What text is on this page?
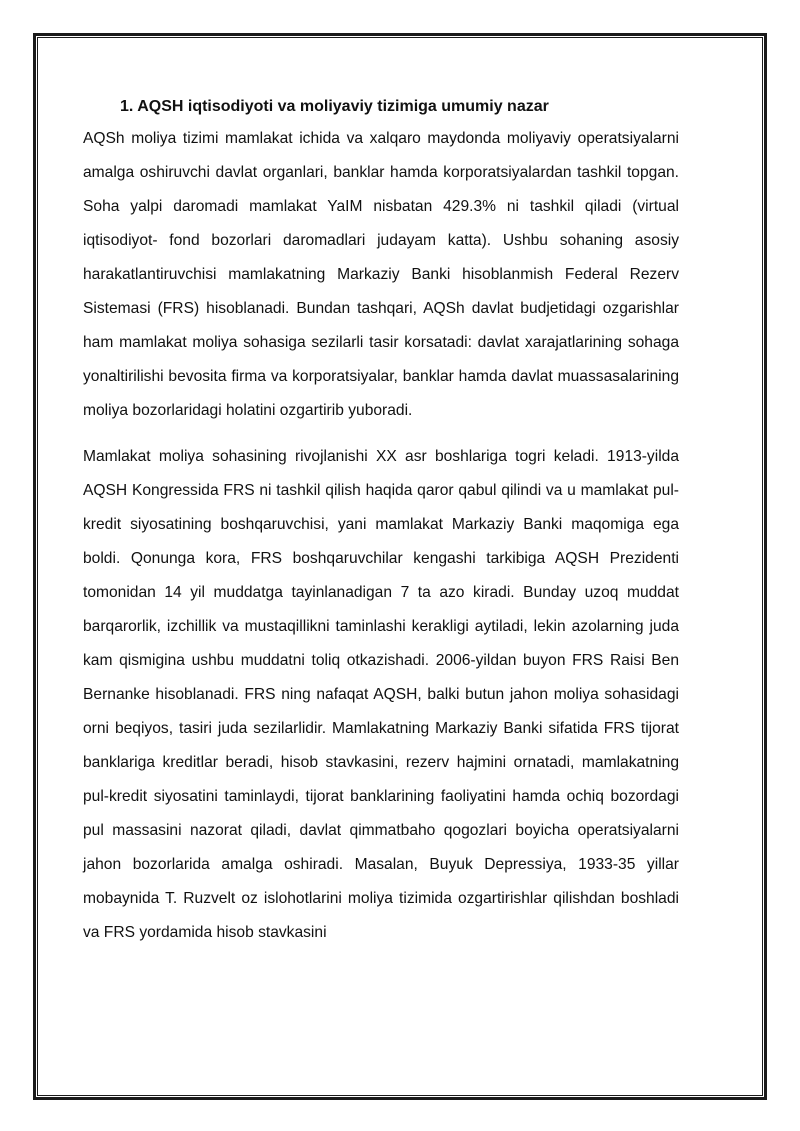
1. AQSH iqtisodiyoti va moliyaviy tizimiga umumiy nazar

AQSh moliya tizimi mamlakat ichida va xalqaro maydonda moliyaviy operatsiyalarni amalga oshiruvchi davlat organlari, banklar hamda korporatsiyalardan tashkil topgan. Soha yalpi daromadi mamlakat YaIM nisbatan 429.3% ni tashkil qiladi (virtual iqtisodiyot- fond bozorlari daromadlari judayam katta). Ushbu sohaning asosiy harakatlantiruvchisi mamlakatning Markaziy Banki hisoblanmish Federal Rezerv Sistemasi (FRS) hisoblanadi. Bundan tashqari, AQSh davlat budjetidagi ozgarishlar ham mamlakat moliya sohasiga sezilarli tasir korsatadi: davlat xarajatlarining sohaga yonaltirilishi bevosita firma va korporatsiyalar, banklar hamda davlat muassasalarining moliya bozorlaridagi holatini ozgartirib yuboradi.

Mamlakat moliya sohasining rivojlanishi XX asr boshlariga togri keladi. 1913-yilda AQSH Kongressida FRS ni tashkil qilish haqida qaror qabul qilindi va u mamlakat pul-kredit siyosatining boshqaruvchisi, yani mamlakat Markaziy Banki maqomiga ega boldi. Qonunga kora, FRS boshqaruvchilar kengashi tarkibiga AQSH Prezidenti tomonidan 14 yil muddatga tayinlanadigan 7 ta azo kiradi. Bunday uzoq muddat barqarorlik, izchillik va mustaqillikni taminlashi kerakligi aytiladi, lekin azolarning juda kam qismigina ushbu muddatni toliq otkazishadi. 2006-yildan buyon FRS Raisi Ben Bernanke hisoblanadi. FRS ning nafaqat AQSH, balki butun jahon moliya sohasidagi orni beqiyos, tasiri juda sezilarlidir. Mamlakatning Markaziy Banki sifatida FRS tijorat banklariga kreditlar beradi, hisob stavkasini, rezerv hajmini ornatadi, mamlakatning pul-kredit siyosatini taminlaydi, tijorat banklarining faoliyatini hamda ochiq bozordagi pul massasini nazorat qiladi, davlat qimmatbaho qogozlari boyicha operatsiyalarni jahon bozorlarida amalga oshiradi. Masalan, Buyuk Depressiya, 1933-35 yillar mobaynida T. Ruzvelt oz islohotlarini moliya tizimida ozgartirishlar qilishdan boshladi va FRS yordamida hisob stavkasini
